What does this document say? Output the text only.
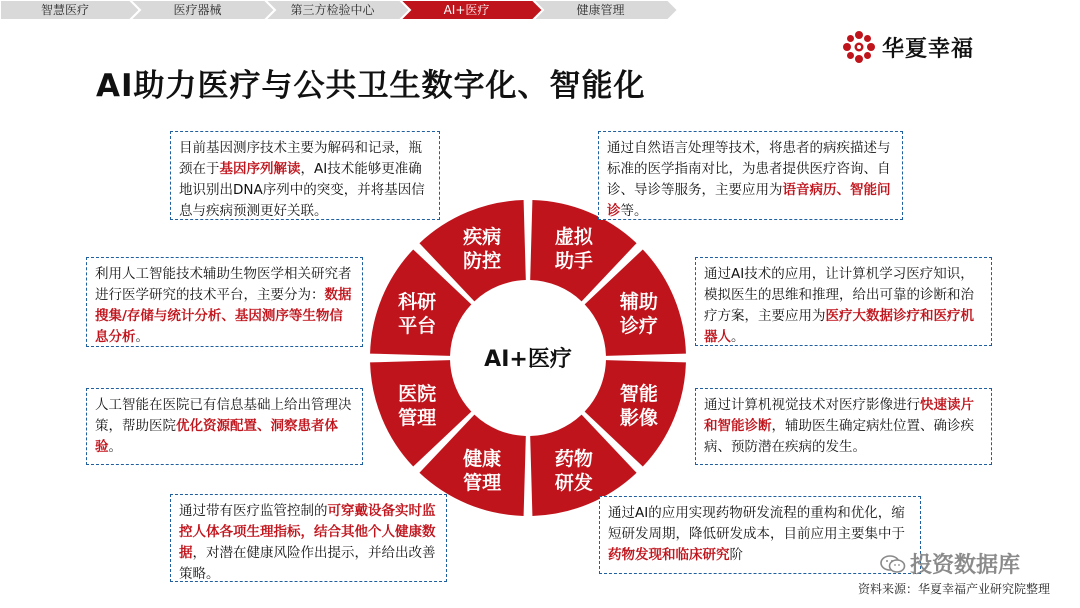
智慧医疗	医疗器械	第三方检验中心	AI+医疗	健康管理
华夏幸福
AI助力医疗与公共卫生数字化、智能化
疾病防控
虚拟助手
辅助诊疗
智能影像
药物研发
健康管理
医院管理
科研平台
AI+医疗
目前基因测序技术主要为解码和记录，瓶颈在于基因序列解读，AI技术能够更准确地识别出DNA序列中的突变，并将基因信息与疾病预测更好关联。
利用人工智能技术辅助生物医学相关研究者进行医学研究的技术平台，主要分为：数据搜集/存储与统计分析、基因测序等生物信息分析。
人工智能在医院已有信息基础上给出管理决策，帮助医院优化资源配置、洞察患者体验。
通过带有医疗监管控制的可穿戴设备实时监控人体各项生理指标，结合其他个人健康数据，对潜在健康风险作出提示，并给出改善策略。
通过自然语言处理等技术，将患者的病疾描述与标准的医学指南对比，为患者提供医疗咨询、自诊、导诊等服务，主要应用为语音病历、智能问诊等。
通过AI技术的应用，让计算机学习医疗知识，模拟医生的思维和推理，给出可靠的诊断和治疗方案，主要应用为医疗大数据诊疗和医疗机器人。
通过计算机视觉技术对医疗影像进行快速读片和智能诊断，辅助医生确定病灶位置、确诊疾病、预防潜在疾病的发生。
通过AI的应用实现药物研发流程的重构和优化，缩短研发周期，降低研发成本，目前应用主要集中于药物发现和临床研究阶	投资数据库
资料来源：华夏幸福产业研究院整理
